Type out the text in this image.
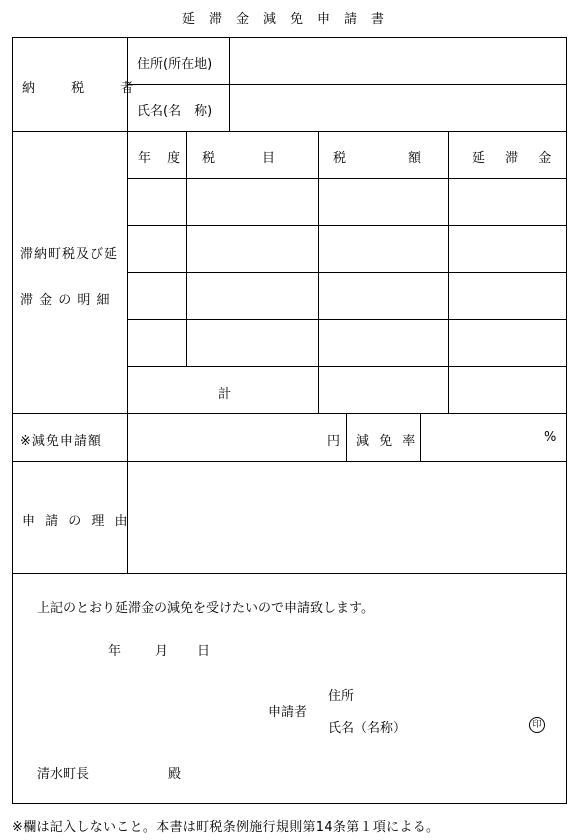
延滞金減免申請書
納 税 者
住所(所在地)
氏名(名　称)
滞納町税及び延
滞 金 の 明 細
年 度 税　　　目	税　　　　額	延 滞 金
計
※減免申請額	円 減 免 率	%
申 請 の 理 由
上記のとおり延滞金の減免を受けたいので申請致します。
年	月 日
申請者
住所
氏名（名称）	印
清水町長	殿
※欄は記入しないこと。本書は町税条例施行規則第14条第１項による。
